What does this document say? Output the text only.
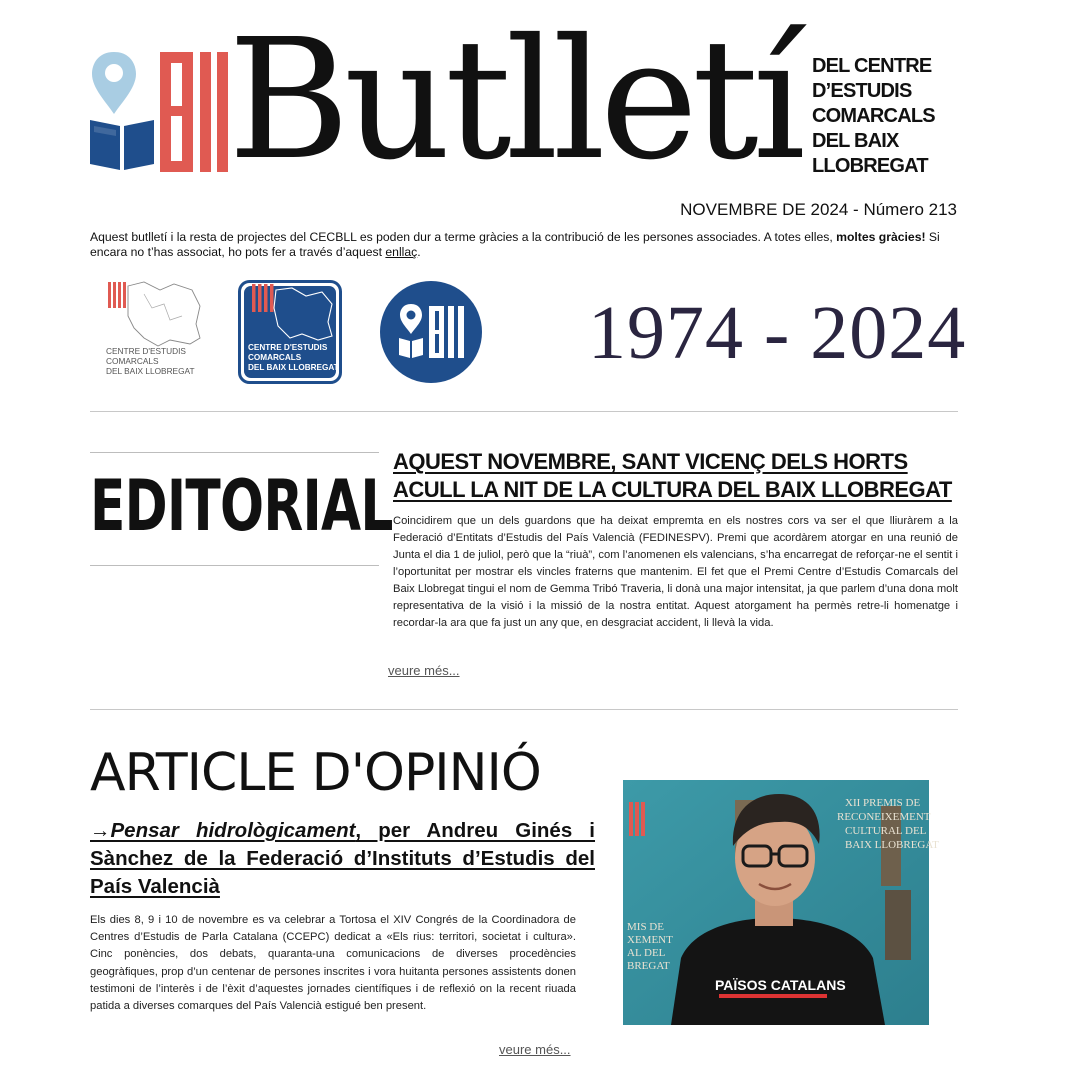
Butlletí DEL CENTRE
D’ESTUDIS
COMARCALS
DEL BAIX
LLOBREGAT
NOVEMBRE DE 2024 - Número 213
Aquest butlletí i la resta de projectes del CECBLL es poden dur a terme gràcies a la contribució de les persones associades. A totes elles, moltes gràcies! Si encara no t’has associat, ho pots fer a través d’aquest enllaç.
CENTRE D'ESTUDIS
COMARCALS
DEL BAIX LLOBREGAT
CENTRE D'ESTUDIS
COMARCALS
DEL BAIX LLOBREGAT	1974 - 2024
EDITORIAL
AQUEST NOVEMBRE, SANT VICENÇ DELS HORTS
ACULL LA NIT DE LA CULTURA DEL BAIX LLOBREGAT
Coincidirem que un dels guardons que ha deixat empremta en els nostres cors va ser el que lliuràrem a la Federació d’Entitats d’Estudis del País Valencià (FEDINESPV). Premi que acordàrem atorgar en una reunió de Junta el dia 1 de juliol, però que la “riuà”, com l’anomenen els valencians, s’ha encarregat de reforçar-ne el sentit i l’oportunitat per mostrar els vincles fraterns que mantenim. El fet que el Premi Centre d’Estudis Comarcals del Baix Llobregat tingui el nom de Gemma Tribó Traveria, li donà una major intensitat, ja que parlem d’una dona molt representativa de la visió i la missió de la nostra entitat. Aquest atorgament ha permès retre-li homenatge i recordar-la ara que fa just un any que, en desgraciat accident, li llevà la vida.
veure més...
ARTICLE D'OPINIÓ
→Pensar hidrològicament, per Andreu Ginés i Sànchez de la Federació d’Instituts d’Estudis del País Valencià
Els dies 8, 9 i 10 de novembre es va celebrar a Tortosa el XIV Congrés de la Coordinadora de Centres d’Estudis de Parla Catalana (CCEPC) dedicat a «Els rius: territori, societat i cultura». Cinc ponències, dos debats, quaranta-una comunicacions de diverses procedències geogràfiques, prop d’un centenar de persones inscrites i vora huitanta persones assistents donen testimoni de l’interès i de l’èxit d’aquestes jornades científiques i de reflexió on la recent riuada patida a diverses comarques del País Valencià estigué ben present.
veure més...
XII PREMIS DE
RECONEIXEMENT
CULTURAL DEL
BAIX LLOBREGAT
MIS DE
XEMENT
AL DEL
BREGAT
PAÏSOS CATALANS
